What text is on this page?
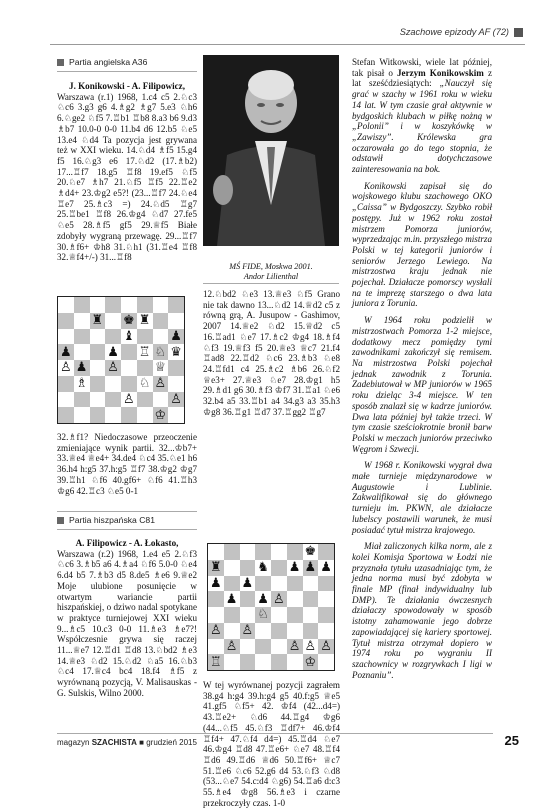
Szachowe epizody AF (72)
Partia angielska A36

J. Konikowski - A. Filipowicz,

Warszawa (r.1) 1968, 1.c4 c5 2.♘c3 ♘c6 3.g3 g6 4.♗g2 ♗g7 5.e3 ♘h6 6.♘ge2 ♘f5 7.♖b1 ♖b8 8.a3 b6 9.d3 ♗b7 10.0-0 0-0 11.b4 d6 12.b5 ♘e5 13.e4 ♘d4 Ta pozycja jest grywana też w XXI wieku. 14.♘d4 ♗f5 15.g4 f5 16.♘g3 e6 17.♘d2 (17.♗b2) 17...♖f7 18.g5 ♖f8 19.ef5 ♘f5 20.♘e7 ♗h7 21.♘f5 ♖f5 22.♖e2 ♗d4+ 23.♔g2 e5?! (23...♖f7 24.♘e4 ♖e7 25.♗c3 =) 24.♘d5 ♖g7 25.♖be1 ♖f8 26.♔g4 ♘d7 27.fe5 ♘e5 28.♗f5 gf5 29.♕f5 Białe zdobyły wygraną przewagę. 29...♖f7 30.♗f6+ ♔h8 31.♘h1 (31.♖e4 ♖f8 32.♕f4+/-) 31...♖f8

♜ ♚ ♜
♝	♟
♟	♟ ♖ ♘ ♛
♙ ♟ ♙	♕
♗	♘ ♙
♙	♙
♔
32.♗f1? Niedoczasowe przeoczenie zmieniające wynik partii. 32...♔b7+ 33.♕e4 ♕e4+ 34.de4 ♘c4 35.♘e1 h6 36.h4 h:g5 37.h:g5 ♖f7 38.♔g2 ♔g7 39.♖h1 ♘f6 40.gf6+ ♘f6 41.♖h3 ♔g6 42.♖c3 ♘e5 0-1
Partia hiszpańska C81

A. Filipowicz - A. Łokasto,

Warszawa (r.2) 1968, 1.e4 e5 2.♘f3 ♘c6 3.♗b5 a6 4.♗a4 ♘f6 5.0-0 ♘e4 6.d4 b5 7.♗b3 d5 8.de5 ♗e6 9.♕e2 Moje ulubione posunięcie w otwartym wariancie partii hiszpańskiej, o dziwo nadal spotykane w praktyce turniejowej XXI wieku 9...♗c5 10.c3 0-0 11.♗e3 ♗e7?! Współczesnie grywa się raczej 11...♕e7 12.♖d1 ♖d8 13.♘bd2 ♗e3 14.♕e3 ♘d2 15.♘d2 ♘a5 16.♘b3 ♘c4 17.♕c4 bc4 18.f4 ♗f5 z wyrównaną pozycją, V. Malisauskas - G. Sulskis, Wilno 2000.

MŚ FIDE, Moskwa 2001.
Andor Lilienthal
12.♘bd2 ♘e3 13.♕e3 ♘f5 Grano nie tak dawno 13...♘d2 14.♕d2 c5 z równą grą, A. Jusupow - Gashimov, 2007 14.♕e2 ♘d2 15.♕d2 c5 16.♖ad1 ♘e7 17.♗c2 ♔g4 18.♗f4 ♘f3 19.♕f3 f5 20.♕e3 ♕c7 21.f4 ♖ad8 22.♖d2 ♘c6 23.♗b3 ♘e8 24.♖fd1 c4 25.♗c2 ♗b6 26.♘f2 ♕e3+ 27.♕e3 ♘e7 28.♔g1 h5 29.♗d1 g6 30.♗f3 ♔f7 31.♖a1 ♘e6 32.b4 a5 33.♖b1 a4 34.g3 a3 35.h3 ♔g8 36.♖g1 ♖d7 37.♖gg2 ♖g7
♚
♜	♞ ♟ ♟ ♟
♟ ♟
♟ ♟ ♙
♘
♙ ♙
♙	♙ ♙ ♙
♖	♔
W tej wyrównanej pozycji zagrałem 38.g4 h:g4 39.h:g4 g5 40.f:g5 ♕e5 41.gf5 ♘f5+ 42. ♔f4 (42...d4=) 43.♖e2+ ♘d6 44.♖g4 ♔g6 (44...♘f5 45.♘f3 ♖df7+ 46.♔f4 ♖f4+ 47.♘f4 d4=) 45.♖d4 ♘e7 46.♔g4 ♖d8 47.♖e6+ ♘e7 48.♖f4 ♖d6 49.♖d6 ♕d6 50.♖f6+ ♕c7 51.♖e6 ♘c6 52.g6 d4 53.♘f3 ♘d8 (53...♘e7 54.c:d4 ♘g6) 54.♖a6 d:c3 55.♗e4 ♔g8 56.♗e3 i czarne przekroczyły czas. 1-0

Stefan Witkowski, wiele lat później, tak pisał o Jerzym Konikowskim z lat sześćdziesiątych: „Nauczył się grać w szachy w 1961 roku w wieku 14 lat. W tym czasie grał aktywnie w bydgoskich klubach w piłkę nożną w „Polonii” i w koszykówkę w „Zawiszy”. Królewska gra oczarowała go do tego stopnia, że odstawił dotychczasowe zainteresowania na bok.

Konikowski zapisał się do wojskowego klubu szachowego OKO „Caissa” w Bydgoszczy. Szybko robił postępy. Już w 1962 roku został mistrzem Pomorza juniorów, wyprzedzając m.in. przyszłego mistrza Polski w tej kategorii juniorów i seniorów Jerzego Lewiego. Na mistrzostwa kraju jednak nie pojechał. Działacze pomorscy wysłali na te imprezę starszego o dwa lata juniora z Torunia.

W 1964 roku podzielił w mistrzostwach Pomorza 1-2 miejsce, dodatkowy mecz pomiędzy tymi zawodnikami zakończył się remisem. Na mistrzostwa Polski pojechał jednak zawodnik z Torunia. Zadebiutował w MP juniorów w 1965 roku dzieląc 3-4 miejsce. W ten sposób znalazł się w kadrze juniorów. Dwa lata później był także trzeci. W tym czasie sześciokrotnie bronił barw Polski w meczach juniorów przeciwko Węgrom i Szwecji.

W 1968 r. Konikowski wygrał dwa małe turnieje międzynarodowe w Augustowie i Lublinie. Zakwalifikował się do głównego turnieju im. PKWN, ale działacze lubelscy postawili warunek, że musi posiadać tytuł mistrza krajowego.

Miał zaliczonych kilka norm, ale z kolei Komisja Sportowa w Łodzi nie przyznała tytułu uzasadniając tym, że jedna norma musi być zdobyta w finale MP (finał indywidualny lub DMP). Te działania ówczesnych działaczy spowodowały w sposób istotny zahamowanie jego dobrze zapowiadającej się kariery sportowej. Tytuł mistrza otrzymał dopiero w 1974 roku po wygraniu II szachownicy w rozgrywkach I ligi w Poznaniu”.

magazyn SZACHISTA ■ grudzień 2015	25
